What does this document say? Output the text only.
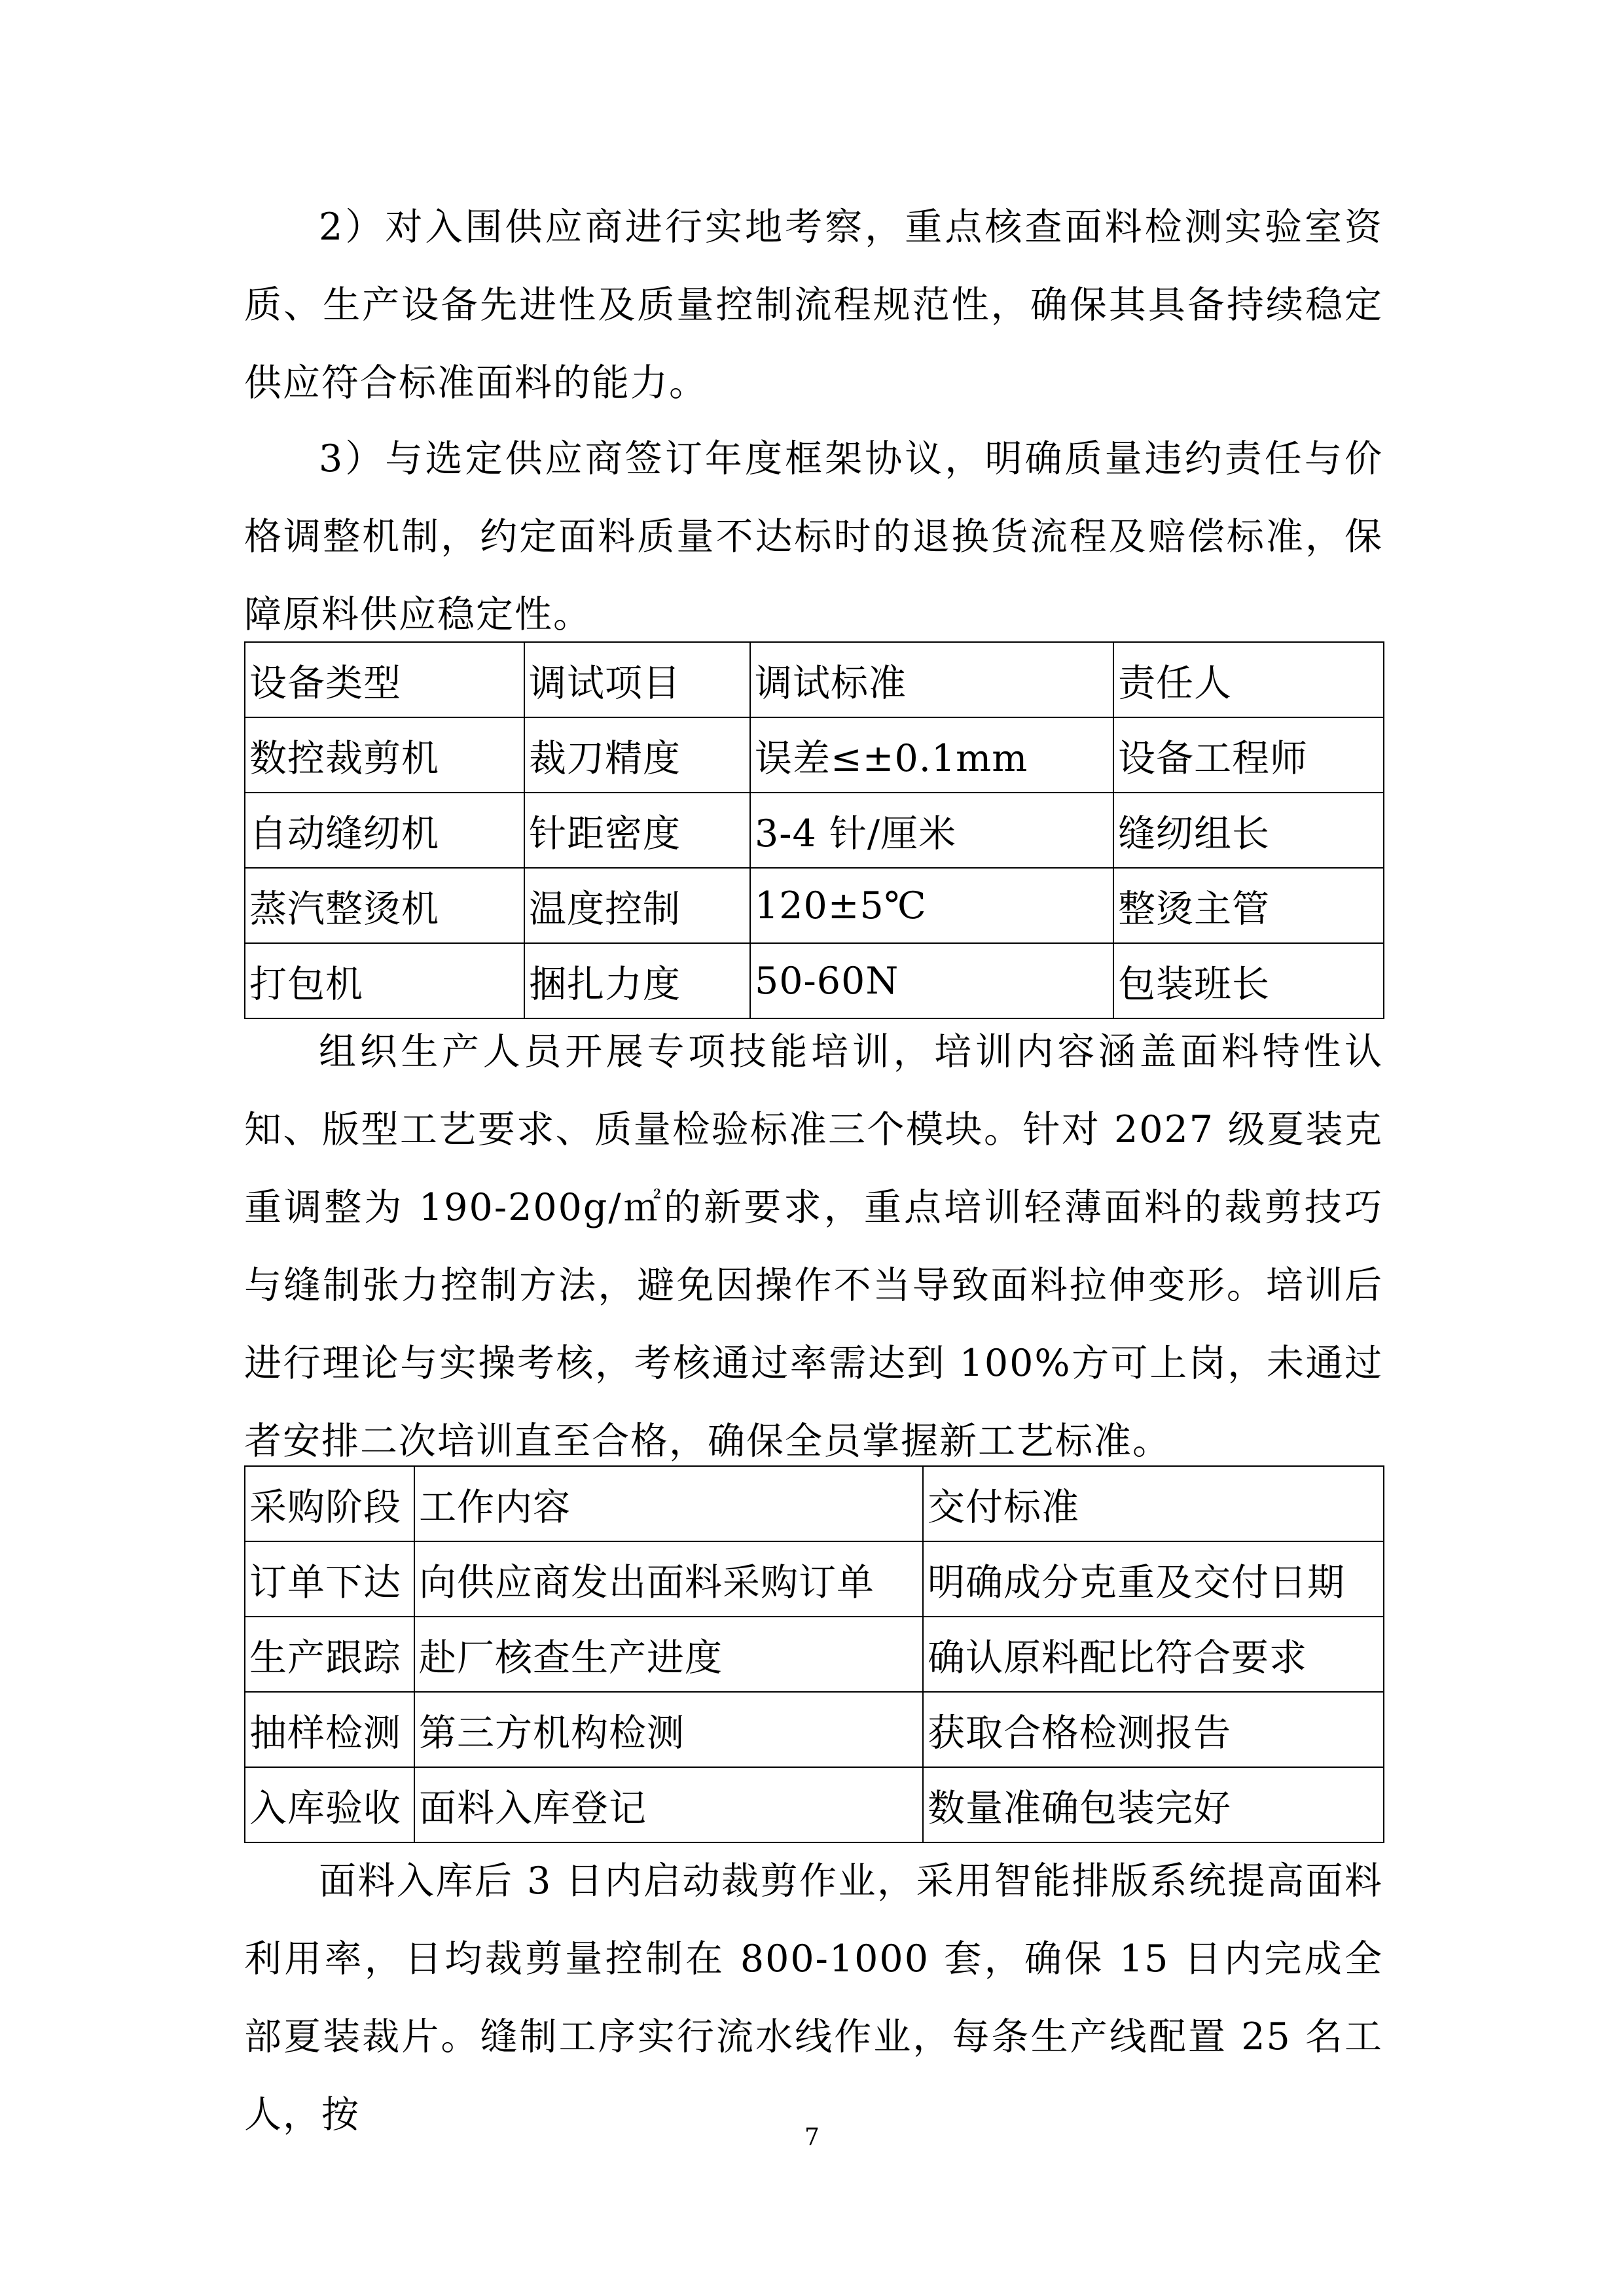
2）对入围供应商进行实地考察，重点核查面料检测实验室资质、生产设备先进性及质量控制流程规范性，确保其具备持续稳定供应符合标准面料的能力。

3）与选定供应商签订年度框架协议，明确质量违约责任与价格调整机制，约定面料质量不达标时的退换货流程及赔偿标准，保障原料供应稳定性。

设备类型	调试项目	调试标准	责任人
数控裁剪机	裁刀精度	误差≤±0.1mm	设备工程师
自动缝纫机	针距密度	3-4 针/厘米	缝纫组长
蒸汽整烫机	温度控制	120±5℃	整烫主管
打包机	捆扎力度	50-60N	包装班长

组织生产人员开展专项技能培训，培训内容涵盖面料特性认知、版型工艺要求、质量检验标准三个模块。针对 2027 级夏装克重调整为 190-200g/㎡的新要求，重点培训轻薄面料的裁剪技巧与缝制张力控制方法，避免因操作不当导致面料拉伸变形。培训后进行理论与实操考核，考核通过率需达到 100%方可上岗，未通过者安排二次培训直至合格，确保全员掌握新工艺标准。

采购阶段	工作内容	交付标准
订单下达	向供应商发出面料采购订单	明确成分克重及交付日期
生产跟踪	赴厂核查生产进度	确认原料配比符合要求
抽样检测	第三方机构检测	获取合格检测报告
入库验收	面料入库登记	数量准确包装完好

面料入库后 3 日内启动裁剪作业，采用智能排版系统提高面料利用率，日均裁剪量控制在 800-1000 套，确保 15 日内完成全部夏装裁片。缝制工序实行流水线作业，每条生产线配置 25 名工人，按

7
